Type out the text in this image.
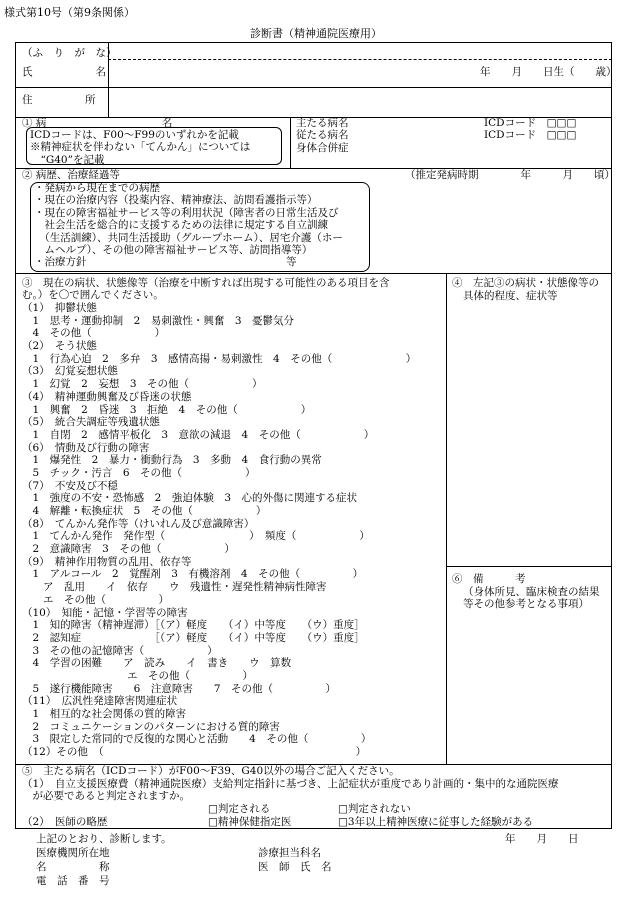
様式第10号（第9条関係）
診断書（精神通院医療用）
（ふ　り　が　な）
氏　　　　　　名	年　　月　　日生（　　歳）
住　　　　　所
① 病　　　　　　　　　　　名
ICDコードは、F00～F99のいずれかを記載
※精神症状を伴わない「てんかん」については
　“G40”を記載
主たる病名
従たる病名
身体合併症
ICDコード　□□□
ICDコード　□□□
② 病歴、治療経過等	（推定発病時期　　　　年　　　月　　頃）
・発病から現在までの病歴
・現在の治療内容（投薬内容、精神療法、訪問看護指示等）
・現在の障害福祉サービス等の利用状況（障害者の日常生活及び
　社会生活を総合的に支援するための法律に規定する自立訓練
　（生活訓練）、共同生活援助（グループホーム）、居宅介護（ホー
　ムヘルプ）、その他の障害福祉サービス等、訪問指導等）
・治療方針　　　　　　　　　　　　　　　　　　　等
③　現在の病状、状態像等（治療を中断すれば出現する可能性のある項目を含
む。）を〇で囲んでください。
（1）　抑鬱状態
　1　思考・運動抑制　2　易刺激性・興奮　3　憂鬱気分
　4　その他（　　　　　　）
（2）　そう状態
　1　行為心迫　2　多弁　3　感情高揚・易刺激性　4　その他（　　　　　　　）
（3）　幻覚妄想状態
　1　幻覚　2　妄想　3　その他（　　　　　　）
（4）　精神運動興奮及び昏迷の状態
　1　興奮　2　昏迷　3　拒絶　4　その他（　　　　　　）
（5）　統合失調症等残遺状態
　1　自閉　2　感情平板化　3　意欲の減退　4　その他（　　　　　　）
（6）　情動及び行動の障害
　1　爆発性　2　暴力・衝動行為　3　多動　4　食行動の異常
　5　チック・汚言　6　その他（　　　　　　）
（7）　不安及び不穏
　1　強度の不安・恐怖感　2　強迫体験　3　心的外傷に関連する症状
　4　解離・転換症状　5　その他（　　　　　　）
（8）　てんかん発作等（けいれん及び意識障害）
　1　てんかん発作　発作型（　　　　　　　　）　頻度（　　　　　　）
　2　意識障害　3　その他（　　　　　　）
（9）　精神作用物質の乱用、依存等
　1　アルコール　2　覚醒剤　3　有機溶剤　4　その他（　　　　　）
　　ア　乱用　　イ　依存　　ウ　残遺性・遅発性精神病性障害
　　エ　その他（　　　　　）
（10）　知能・記憶・学習等の障害
　1　知的障害（精神遅滞）［（ア）軽度　　（イ）中等度　　（ウ）重度］
　2　認知症　　　　　　　［（ア）軽度　　（イ）中等度　　（ウ）重度］
　3　その他の記憶障害（　　　　　　）
　4　学習の困難　　ア　読み　　イ　書き　　ウ　算数
　　　　　　　　　　エ　その他（　　　　　）
　5　遂行機能障害　　6　注意障害　　7　その他（　　　　　）
（11）　広汎性発達障害関連症状
　1　相互的な社会関係の質的障害
　2　コミュニケーションのパターンにおける質的障害
　3　限定した常同的で反復的な関心と活動　　4　その他（　　　　　）
（12）その他　（　　　　　　　　　　　　　　　　　　　　　　　　）
④　左記③の病状・状態像等の
具体的程度、症状等
⑥　備　　　考
（身体所見、臨床検査の結果
等その他参考となる事項）
⑤　主たる病名（ICDコード）がF00～F39、G40以外の場合ご記入ください。
（1）　自立支援医療費（精神通院医療）支給判定指針に基づき、上記症状が重度であり計画的・集中的な通院医療
　が必要であると判定されますか。
□判定される	□判定されない
（2）　医師の略歴	□精神保健指定医	□3年以上精神医療に従事した経験がある
上記のとおり、診断します。	年　　月　　日
医療機関所在地
名　　　　　称
電　話　番　号
診療担当科名
医　師　氏　名
